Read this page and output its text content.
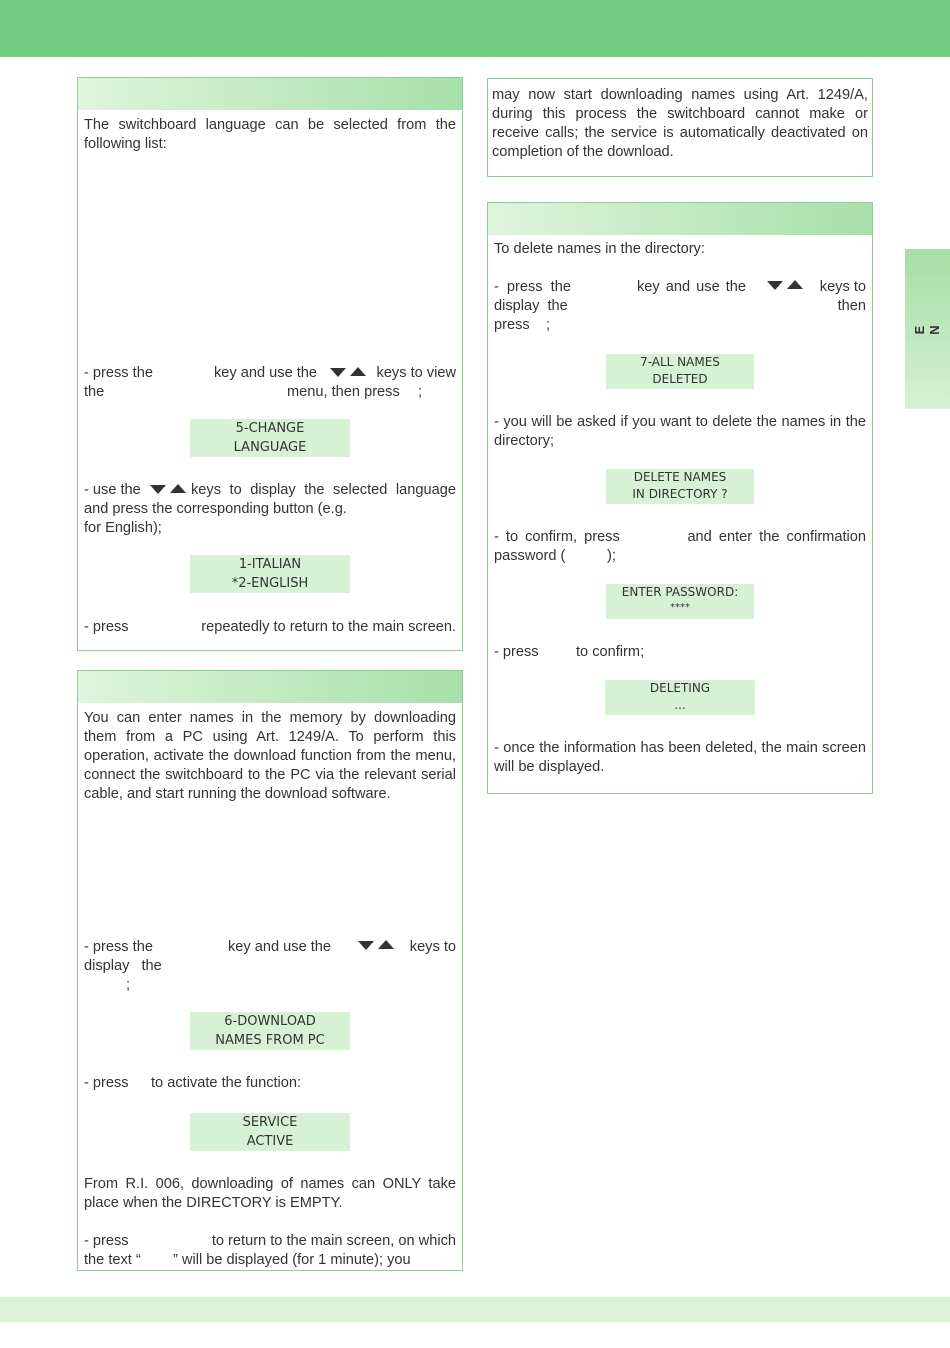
E N
The switchboard language can be selected from the following list:
- press the	key and use the	keys to view
the	menu, then press ;
5-CHANGE
LANGUAGE
- use the	keys to display the selected language and press the corresponding button (e.g.
for English);
1-ITALIAN
*2-ENGLISH
- press	repeatedly to return to the main screen.
You can enter names in the memory by downloading them from a PC using Art. 1249/A. To perform this operation, activate the download function from the menu, connect the switchboard to the PC via the relevant serial cable, and start running the download software.
- press the	key and use the	keys to
display the
;
6-DOWNLOAD
NAMES FROM PC
- press to activate the function:
SERVICE
ACTIVE
From R.I. 006, downloading of names can ONLY take place when the DIRECTORY is EMPTY.
- press	to return to the main screen, on which
the text “ ” will be displayed (for 1 minute); you
may now start downloading names using Art. 1249/A, during this process the switchboard cannot make or receive calls; the service is automatically deactivated on completion of the download.
To delete names in the directory:
- press the	key and use the	keys to
display the	then
press ;
7-ALL NAMES
DELETED
- you will be asked if you want to delete the names in the directory;
DELETE NAMES
IN DIRECTORY ?
- to confirm, press	and enter the confirmation
password (	);
ENTER PASSWORD:
****
- press	to confirm;
DELETING
...
- once the information has been deleted, the main screen will be displayed.
